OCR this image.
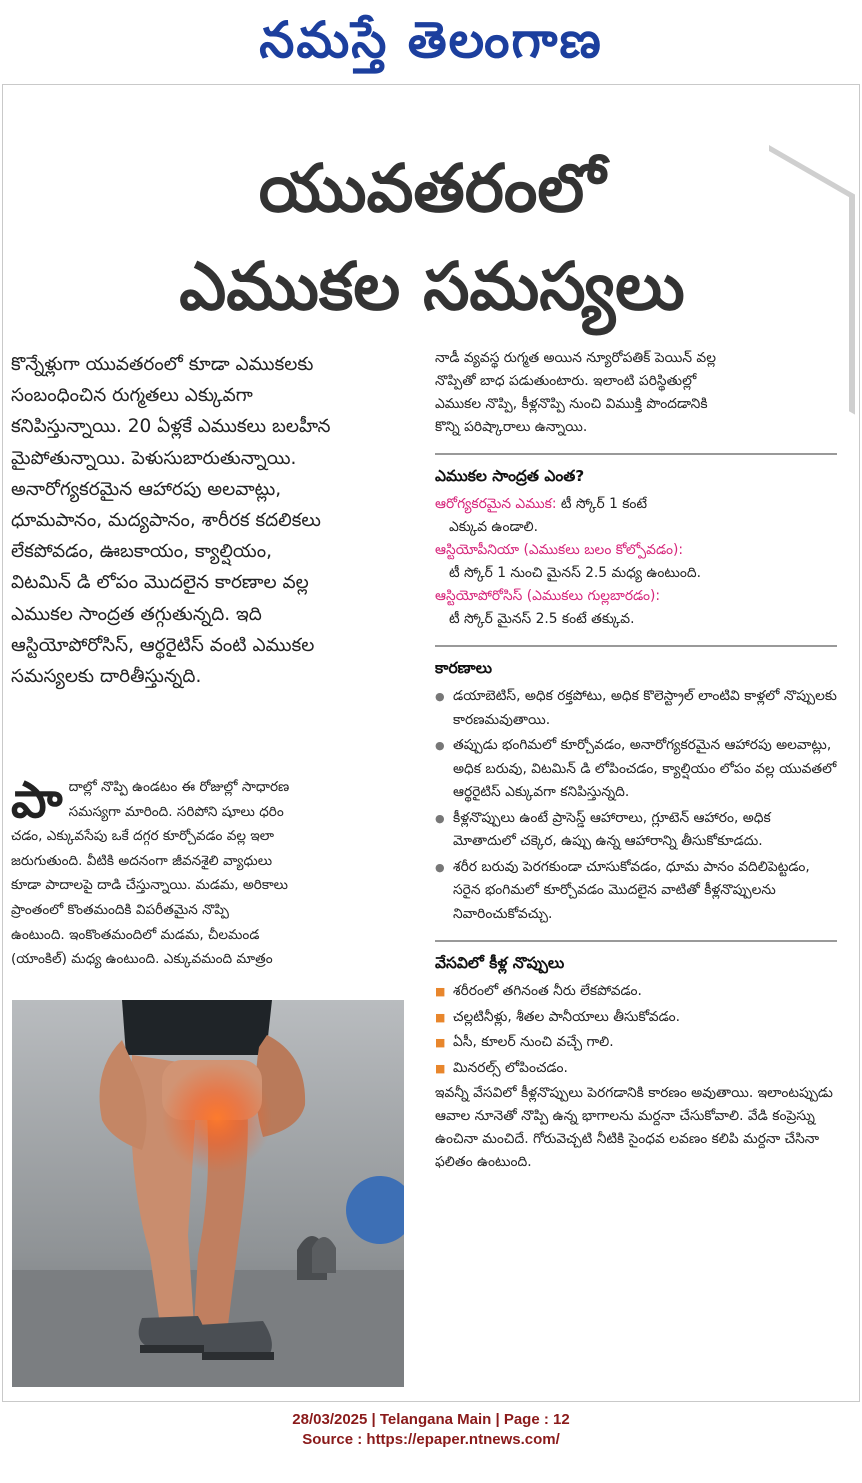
నమస్తే తెలంగాణ
యువతరంలో
ఎముకల సమస్యలు

కొన్నేళ్లుగా యువతరంలో కూడా ఎముకలకు

సంబంధించిన రుగ్మతలు ఎక్కువగా

కనిపిస్తున్నాయి. 20 ఏళ్లకే ఎముకలు బలహీన

మైపోతున్నాయి. పెళుసుబారుతున్నాయి.

అనారోగ్యకరమైన ఆహారపు అలవాట్లు,

ధూమపానం, మద్యపానం, శారీరక కదలికలు

లేకపోవడం, ఊబకాయం, క్యాల్షియం,

విటమిన్ డి లోపం మొదలైన కారణాల వల్ల

ఎముకల సాంద్రత తగ్గుతున్నది. ఇది

ఆస్టియోపోరోసిస్, ఆర్థరైటిస్ వంటి ఎముకల

సమస్యలకు దారితీస్తున్నది.

పా దాల్లో నొప్పి ఉండటం ఈ రోజుల్లో సాధారణ

సమస్యగా మారింది. సరిపోని షూలు ధరిం

చడం, ఎక్కువసేపు ఒకే దగ్గర కూర్చోవడం వల్ల ఇలా

జరుగుతుంది. వీటికి అదనంగా జీవనశైలి వ్యాధులు

కూడా పాదాలపై దాడి చేస్తున్నాయి. మడమ, అరికాలు

ప్రాంతంలో కొంతమందికి విపరీతమైన నొప్పి

ఉంటుంది. ఇంకొంతమందిలో మడమ, చీలమండ

(యాంకిల్) మధ్య ఉంటుంది. ఎక్కువమంది మాత్రం

నాడీ వ్యవస్థ రుగ్మత అయిన న్యూరోపతిక్ పెయిన్ వల్ల

నొప్పితో బాధ పడుతుంటారు. ఇలాంటి పరిస్థితుల్లో

ఎముకల నొప్పి, కీళ్లనొప్పి నుంచి విముక్తి పొందడానికి

కొన్ని పరిష్కారాలు ఉన్నాయి.

ఎముకల సాంద్రత ఎంత?

ఆరోగ్యకరమైన ఎముక: టీ స్కోర్ 1 కంటే

ఎక్కువ ఉండాలి.

ఆస్టియోపీనియా (ఎముకలు బలం కోల్పోవడం):

టీ స్కోర్ 1 నుంచి మైనస్ 2.5 మధ్య ఉంటుంది.

ఆస్టియోపోరోసిస్ (ఎముకలు గుల్లబారడం):

టీ స్కోర్ మైనస్ 2.5 కంటే తక్కువ.

కారణాలు
● డయాబెటిస్, అధిక రక్తపోటు, అధిక కొలెస్ట్రాల్ లాంటివి కాళ్లలో నొప్పులకు కారణమవుతాయి.
● తప్పుడు భంగిమలో కూర్చోవడం, అనారోగ్యకరమైన ఆహారపు అలవాట్లు, అధిక బరువు, విటమిన్ డి లోపించడం, క్యాల్షియం లోపం వల్ల యువతలో ఆర్థరైటిస్ ఎక్కువగా కనిపిస్తున్నది.
● కీళ్లనొప్పులు ఉంటే ప్రాసెస్డ్ ఆహారాలు, గ్లూటెన్ ఆహారం, అధిక మోతాదులో చక్కెర, ఉప్పు ఉన్న ఆహారాన్ని తీసుకోకూడదు.
● శరీర బరువు పెరగకుండా చూసుకోవడం, ధూమ పానం వదిలిపెట్టడం, సరైన భంగిమలో కూర్చోవడం మొదలైన వాటితో కీళ్లనొప్పులను నివారించుకోవచ్చు.
వేసవిలో కీళ్ల నొప్పులు
■ శరీరంలో తగినంత నీరు లేకపోవడం.
■ చల్లటినీళ్లు, శీతల పానీయాలు తీసుకోవడం.
■ ఏసీ, కూలర్ నుంచి వచ్చే గాలి.
■ మినరల్స్ లోపించడం.

ఇవన్నీ వేసవిలో కీళ్లనొప్పులు పెరగడానికి కారణం అవుతాయి. ఇలాంటప్పుడు ఆవాల నూనెతో నొప్పి ఉన్న భాగాలను మర్దనా చేసుకోవాలి. వేడి కంప్రెస్ను ఉంచినా మంచిదే. గోరువెచ్చటి నీటికి సైంధవ లవణం కలిపి మర్దనా చేసినా ఫలితం ఉంటుంది.

28/03/2025 | Telangana Main | Page : 12
Source : https://epaper.ntnews.com/
